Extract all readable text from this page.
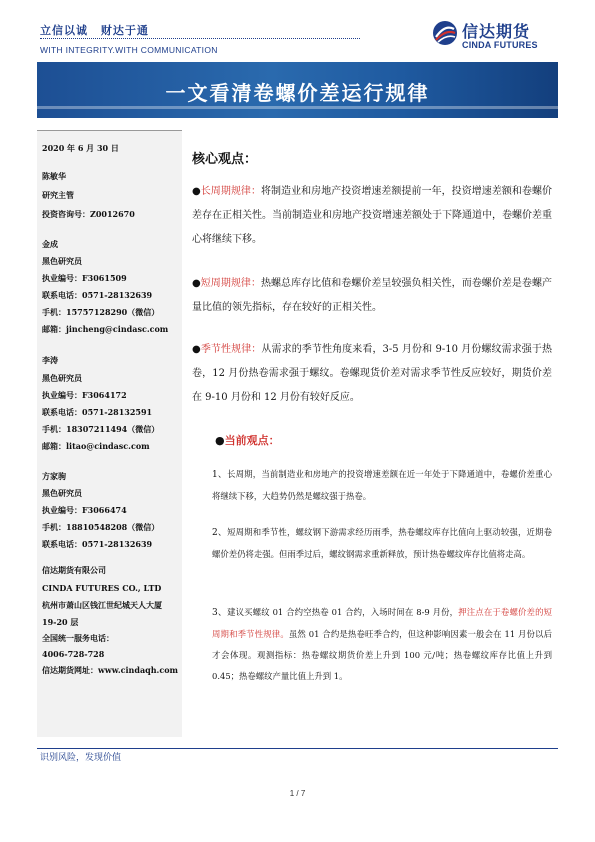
立信以诚 财达于通
WITH INTEGRITY.WITH COMMUNICATION
信达期货
CINDA FUTURES
一文看清卷螺价差运行规律
2020 年 6 月 30 日
陈敏华
研究主管
投资咨询号：Z0012670
金成
黑色研究员
执业编号：F3061509
联系电话：0571-28132639
手机：15757128290（微信）
邮箱：jincheng@cindasc.com
李涛
黑色研究员
执业编号：F3064172
联系电话：0571-28132591
手机：18307211494（微信）
邮箱：litao@cindasc.com
方家驹
黑色研究员
执业编号：F3066474
手机：18810548208（微信）
联系电话：0571-28132639
信达期货有限公司
CINDA FUTURES CO., LTD
杭州市萧山区钱江世纪城天人大厦
19-20 层
全国统一服务电话：
4006-728-728
信达期货网址：www.cindaqh.com
核心观点：
●长周期规律：将制造业和房地产投资增速差额提前一年，投资增速差额和卷螺价差存在正相关性。当前制造业和房地产投资增速差额处于下降通道中，卷螺价差重心将继续下移。
●短周期规律：热螺总库存比值和卷螺价差呈较强负相关性，而卷螺价差是卷螺产量比值的领先指标，存在较好的正相关性。
●季节性规律：从需求的季节性角度来看，3-5 月份和 9-10 月份螺纹需求强于热卷，12 月份热卷需求强于螺纹。卷螺现货价差对需求季节性反应较好，期货价差在 9-10 月份和 12 月份有较好反应。
●当前观点：
1、长周期，当前制造业和房地产的投资增速差额在近一年处于下降通道中，卷螺价差重心将继续下移，大趋势仍然是螺纹强于热卷。
2、短周期和季节性，螺纹钢下游需求经历雨季，热卷螺纹库存比值向上驱动较强，近期卷螺价差仍将走强。但雨季过后，螺纹钢需求重新释放，预计热卷螺纹库存比值将走高。
3、建议买螺纹 01 合约空热卷 01 合约，入场时间在 8-9 月份，押注点在于卷螺价差的短周期和季节性规律。虽然 01 合约是热卷旺季合约，但这种影响因素一般会在 11 月份以后才会体现。观测指标：热卷螺纹期货价差上升到 100 元/吨；热卷螺纹库存比值上升到 0.45；热卷螺纹产量比值上升到 1。
识别风险，发现价值
1 / 7
